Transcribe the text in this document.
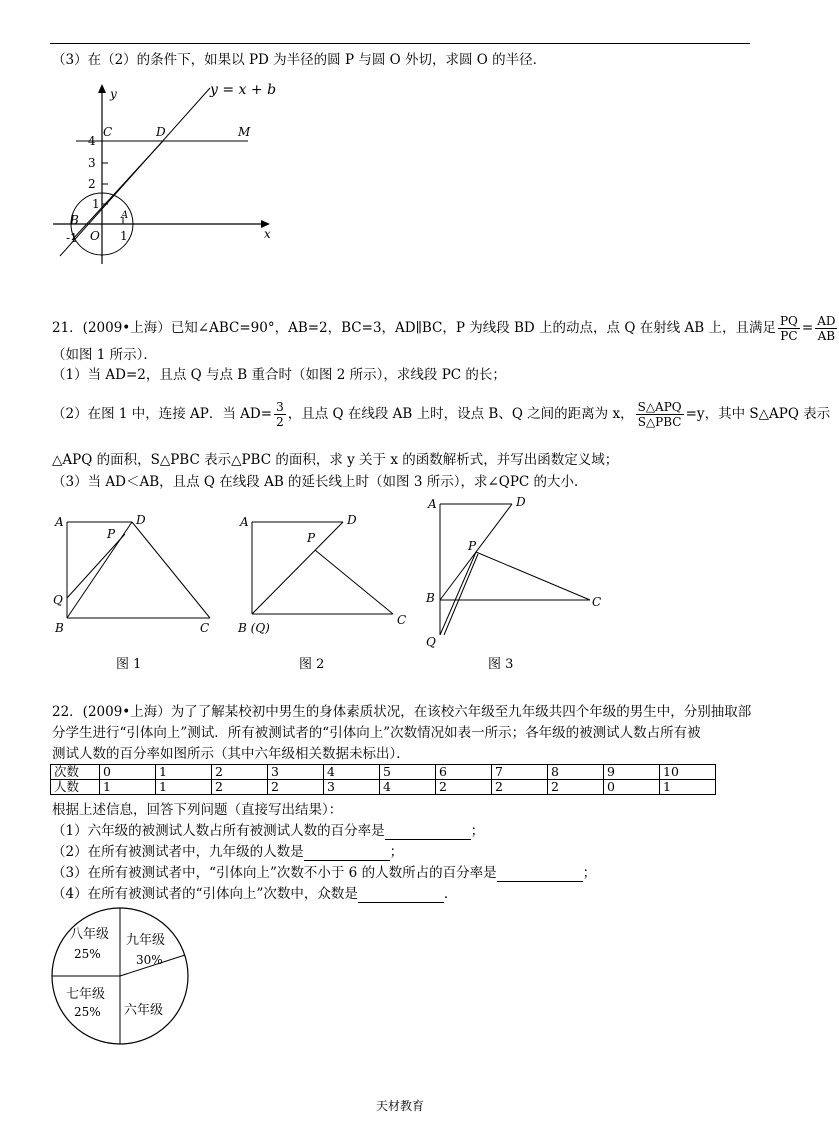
（3）在（2）的条件下，如果以 PD 为半径的圆 P 与圆 O 外切，求圆 O 的半径．
y = x + b
y
x
4
3
2
1
-1	1
C	D	M
B
O
A
21．(2009•上海）已知∠ABC=90°，AB=2，BC=3，AD∥BC，P 为线段 BD 上的动点，点 Q 在射线 AB 上，且满足 $\frac{PQ}{PC} = \frac{AD}{AB}$
（如图 1 所示）．
（1）当 AD=2，且点 Q 与点 B 重合时（如图 2 所示），求线段 PC 的长；
（2）在图 1 中，连接 AP．当 $AD= \frac{3}{2}$ ，且点 Q 在线段 AB 上时，设点 B、Q 之间的距离为 x， $\frac{\text{S△APQ}}{\text{S△PBC}} =y$，其中 S△APQ 表示
△APQ 的面积，S△PBC 表示△PBC 的面积，求 y 关于 x 的函数解析式，并写出函数定义域；
（3）当 AD＜AB，且点 Q 在线段 AB 的延长线上时（如图 3 所示），求∠QPC 的大小．
A	D
P
Q
B	C
图 1
A	D
P
B (Q)
C
图 2
A	D
P
B	C
Q
图 3
22．(2009•上海）为了了解某校初中男生的身体素质状况，在该校六年级至九年级共四个年级的男生中，分别抽取部
分学生进行“引体向上”测试．所有被测试者的“引体向上”次数情况如表一所示；各年级的被测试人数占所有被
测试人数的百分率如图所示（其中六年级相关数据未标出）．
次数	0	1	2	3	4	5	6	7	8	9	10
人数	1	1	2	2	3	4	2	2	2	0	1
根据上述信息，回答下列问题（直接写出结果）：
（1）六年级的被测试人数占所有被测试人数的百分率是	；
（2）在所有被测试者中，九年级的人数是	；
（3）在所有被测试者中，“引体向上”次数不小于 6 的人数所占的百分率是	；
（4）在所有被测试者的“引体向上”次数中，众数是	．
八年级
25%
九年级
30%
七年级
25% 六年级
天材教育
